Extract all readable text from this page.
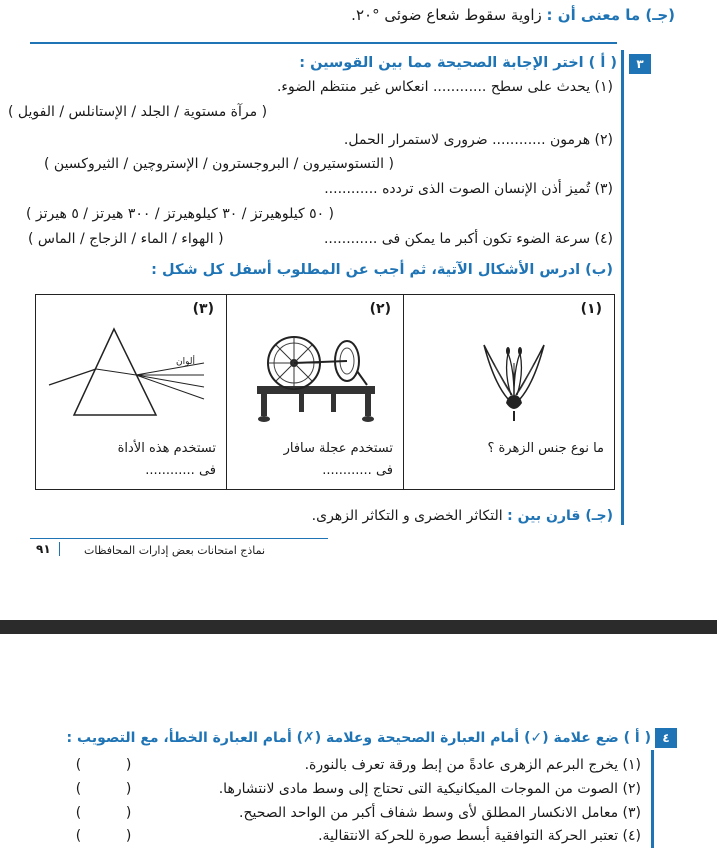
(جـ) ما معنى أن : زاوية سقوط شعاع ضوئى °٢٠.
٣
( أ ) اختر الإجابة الصحيحة مما بين القوسين :
(١) يحدث على سطح ............ انعكاس غير منتظم الضوء.
( مرآة مستوية / الجلد / الإستانلس / الفويل )
(٢) هرمون ............ ضرورى لاستمرار الحمل.
( التستوستيرون / البروجسترون / الإستروچين / الثيروكسين )
(٣) تُميز أذن الإنسان الصوت الذى تردده ............
( ٥٠ كيلوهيرتز / ٣٠ كيلوهيرتز / ٣٠٠ هيرتز / ٥ هيرتز )
(٤) سرعة الضوء تكون أكبر ما يمكن فى ............
( الهواء / الماء / الزجاج / الماس )
(ب) ادرس الأشكال الآتية، ثم أجب عن المطلوب أسفل كل شكل :
(١)
ما نوع جنس الزهرة ؟
(٢)
تستخدم عجلة سافار
فى ............
(٣)
ألوان
تستخدم هذه الأداة
فى ............
(جـ) قارن بين : التكاثر الخضرى و التكاثر الزهرى.
نماذج امتحانات بعض إدارات المحافظات
٩١
٤
( أ ) ضع علامة (✓) أمام العبارة الصحيحة وعلامة (✗) أمام العبارة الخطأ، مع التصويب :
(١) يخرج البرعم الزهرى عادةً من إبط ورقة تعرف بالنورة.
(     )
(٢) الصوت من الموجات الميكانيكية التى تحتاج إلى وسط مادى لانتشارها.
(     )
(٣) معامل الانكسار المطلق لأى وسط شفاف أكبر من الواحد الصحيح.
(     )
(٤) تعتبر الحركة التوافقية أبسط صورة للحركة الانتقالية.
(     )
